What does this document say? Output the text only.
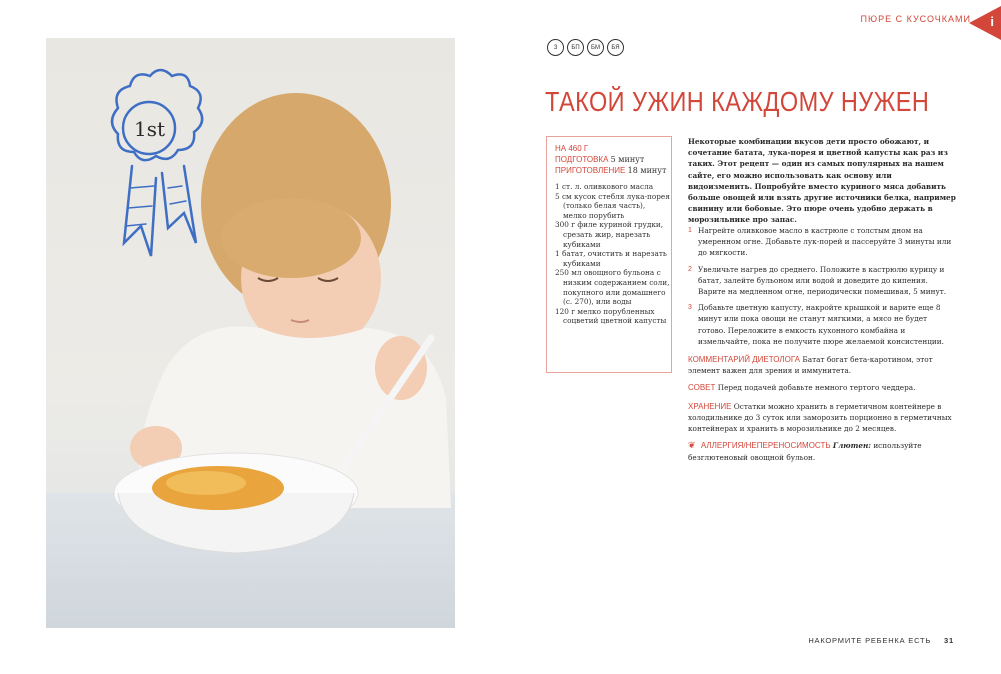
1st
ПЮРЕ С КУСОЧКАМИ i
З	БП	БМ	БЯ
ТАКОЙ УЖИН КАЖДОМУ НУЖЕН
НА 460 Г
ПОДГОТОВКА 5 минут
ПРИГОТОВЛЕНИЕ 18 минут
1 ст. л. оливкового масла
5 см кусок стебля лука-порея (только белая часть), мелко порубить
300 г филе куриной грудки, срезать жир, нарезать кубиками
1 батат, очистить и нарезать кубиками
250 мл овощного бульона с низким содержанием соли, покупного или домашнего (с. 270), или воды
120 г мелко порубленных соцветий цветной капусты

Некоторые комбинации вкусов дети просто обожают, и сочетание батата, лука-порея и цветной капусты как раз из таких. Этот рецепт — один из самых популярных на нашем сайте, его можно использовать как основу или видоизменить. Попробуйте вместо куриного мяса добавить больше овощей или взять другие источники белка, например свинину или бобовые. Это пюре очень удобно держать в морозильнике про запас.

1 Нагрейте оливковое масло в кастрюле с толстым дном на умеренном огне. Добавьте лук-порей и пассеруйте 3 минуты или до мягкости.
2 Увеличьте нагрев до среднего. Положите в кастрюлю курицу и батат, залейте бульоном или водой и доведите до кипения. Варите на медленном огне, периодически помешивая, 5 минут.
3 Добавьте цветную капусту, накройте крышкой и варите еще 8 минут или пока овощи не станут мягкими, а мясо не будет готово. Переложите в емкость кухонного комбайна и измельчайте, пока не получите пюре желаемой консистенции.

КОММЕНТАРИЙ ДИЕТОЛОГА Батат богат бета-каротином, этот элемент важен для зрения и иммунитета.

СОВЕТ Перед подачей добавьте немного тертого чеддера.

ХРАНЕНИЕ Остатки можно хранить в герметичном контейнере в холодильнике до 3 суток или заморозить порционно в герметичных контейнерах и хранить в морозильнике до 2 месяцев.

❦ АЛЛЕРГИЯ/НЕПЕРЕНОСИМОСТЬ Глютен: используйте безглютеновый овощной бульон.

НАКОРМИТЕ РЕБЕНКА ЕСТЬ 31
